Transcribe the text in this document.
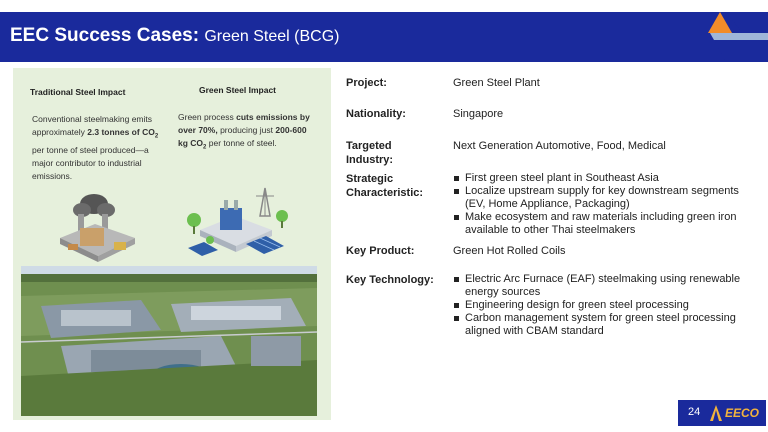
EEC Success Cases: Green Steel (BCG)
Traditional Steel Impact	Green Steel Impact
Conventional steelmaking emits approximately 2.3 tonnes of $CO_2$ per tonne of steel produced—a major contributor to industrial emissions.
Green process cuts emissions by over 70%, producing just 200-600 kg $CO_2$ per tonne of steel.
Project:	Green Steel Plant
Nationality:	Singapore
Targeted
Industry:
Next Generation Automotive, Food, Medical
Strategic
Characteristic:
First green steel plant in Southeast Asia
Localize upstream supply for key downstream segments (EV, Home Appliance, Packaging)
Make ecosystem and raw materials including green iron available to other Thai steelmakers
Key Product:	Green Hot Rolled Coils
Key Technology:	Electric Arc Furnace (EAF) steelmaking using renewable energy sources
Engineering design for green steel processing
Carbon management system for green steel processing aligned with CBAM standard
24 EECO
